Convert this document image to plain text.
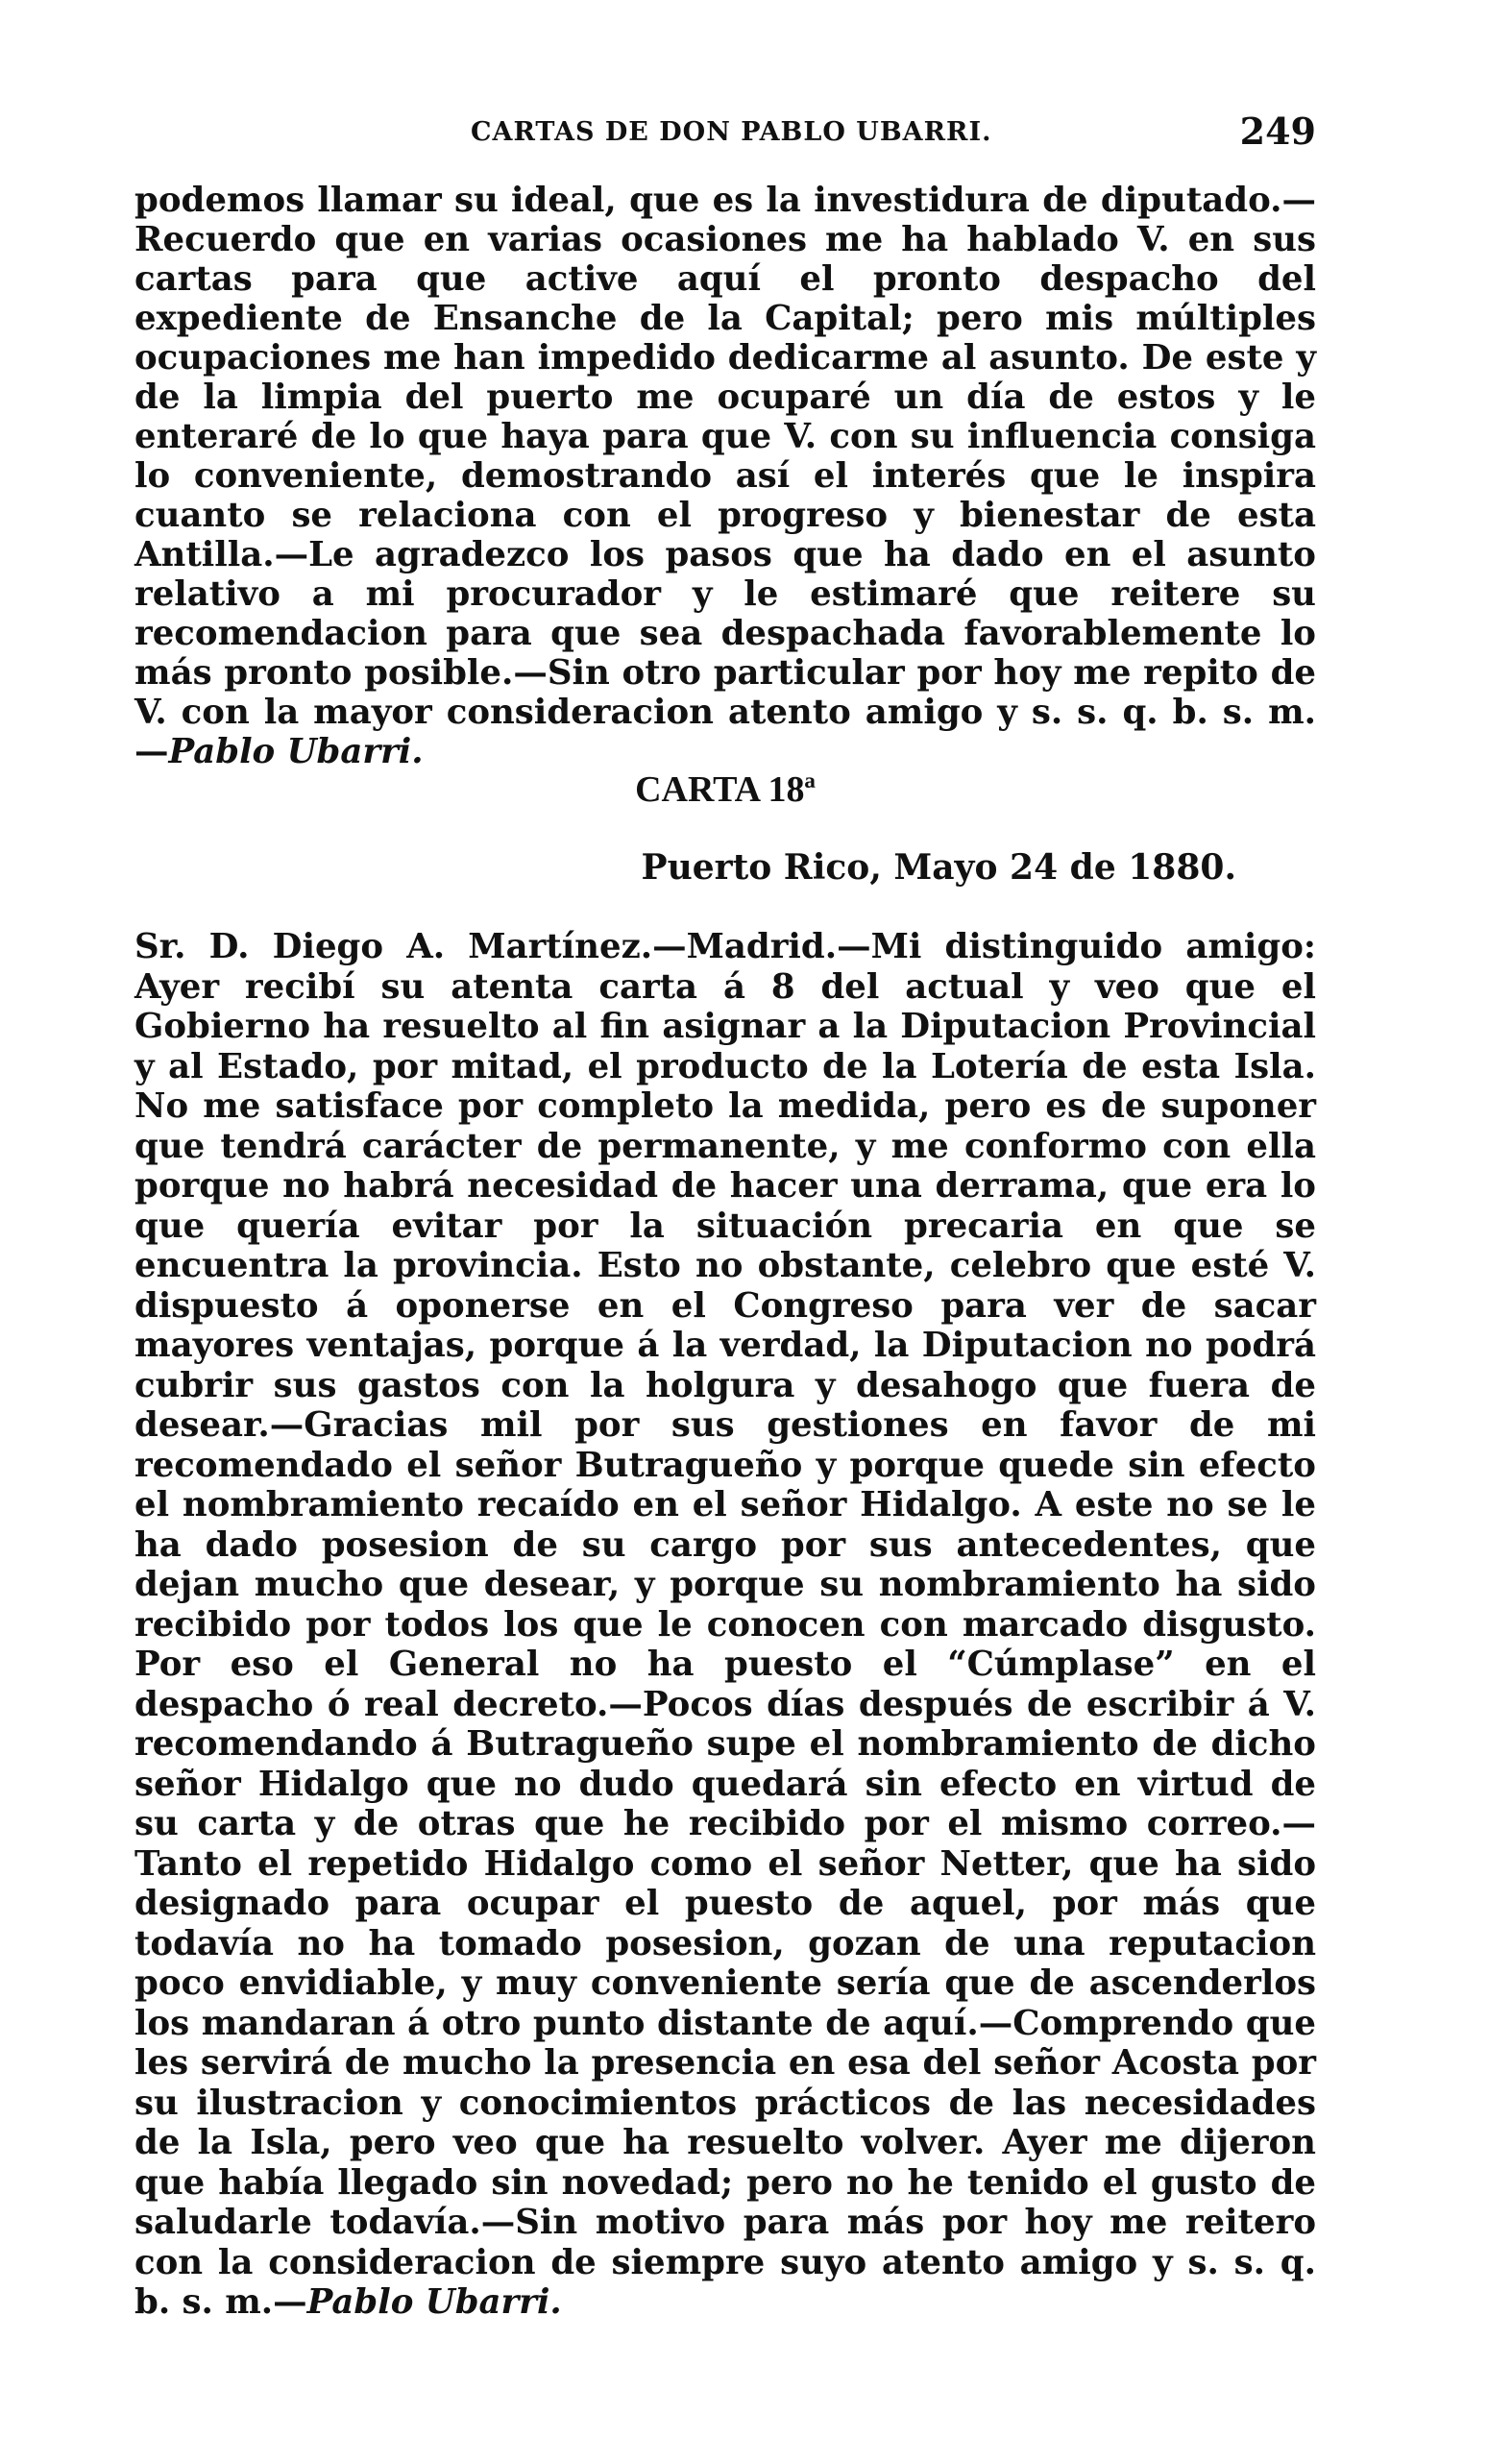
CARTAS DE DON PABLO UBARRI.	249

podemos llamar su ideal, que es la investidura de diputado.—Recuerdo que en varias ocasiones me ha hablado V. en sus cartas para que active aquí el pronto despacho del expediente de Ensanche de la Capital; pero mis múltiples ocupaciones me han impedido dedicarme al asunto. De este y de la limpia del puerto me ocuparé un día de estos y le enteraré de lo que haya para que V. con su influencia consiga lo conveniente, demostrando así el interés que le inspira cuanto se relaciona con el progreso y bienestar de esta Antilla.—Le agradezco los pasos que ha dado en el asunto relativo a mi procurador y le estimaré que reitere su recomendacion para que sea despachada favorablemente lo más pronto posible.—Sin otro particular por hoy me repito de V. con la mayor consideracion atento amigo y s. s. q. b. s. m.—Pablo Ubarri.

CARTA 18ª
Puerto Rico, Mayo 24 de 1880.

Sr. D. Diego A. Martínez.—Madrid.—Mi distinguido amigo: Ayer recibí su atenta carta á 8 del actual y veo que el Gobierno ha resuelto al fin asignar a la Diputacion Provincial y al Estado, por mitad, el producto de la Lotería de esta Isla. No me satisface por completo la medida, pero es de suponer que tendrá carácter de permanente, y me conformo con ella porque no habrá necesidad de hacer una derrama, que era lo que quería evitar por la situación precaria en que se encuentra la provincia. Esto no obstante, celebro que esté V. dispuesto á oponerse en el Congreso para ver de sacar mayores ventajas, porque á la verdad, la Diputacion no podrá cubrir sus gastos con la holgura y desahogo que fuera de desear.—Gracias mil por sus gestiones en favor de mi recomendado el señor Butragueño y porque quede sin efecto el nombramiento recaído en el señor Hidalgo. A este no se le ha dado posesion de su cargo por sus antecedentes, que dejan mucho que desear, y porque su nombramiento ha sido recibido por todos los que le conocen con marcado disgusto. Por eso el General no ha puesto el “Cúmplase” en el despacho ó real decreto.—Pocos días después de escribir á V. recomendando á Butragueño supe el nombramiento de dicho señor Hidalgo que no dudo quedará sin efecto en virtud de su carta y de otras que he recibido por el mismo correo.—Tanto el repetido Hidalgo como el señor Netter, que ha sido designado para ocupar el puesto de aquel, por más que todavía no ha tomado posesion, gozan de una reputacion poco envidiable, y muy conveniente sería que de ascenderlos los mandaran á otro punto distante de aquí.—Comprendo que les servirá de mucho la presencia en esa del señor Acosta por su ilustracion y conocimientos prácticos de las necesidades de la Isla, pero veo que ha resuelto volver. Ayer me dijeron que había llegado sin novedad; pero no he tenido el gusto de saludarle todavía.—Sin motivo para más por hoy me reitero con la consideracion de siempre suyo atento amigo y s. s. q. b. s. m.—Pablo Ubarri.
